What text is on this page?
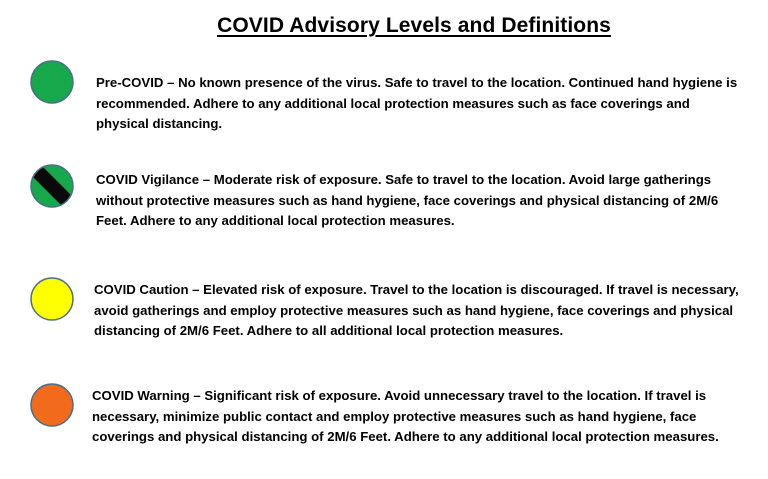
COVID Advisory Levels and Definitions

Pre-COVID – No known presence of the virus. Safe to travel to the location. Continued hand hygiene is recommended. Adhere to any additional local protection measures such as face coverings and physical distancing.

COVID Vigilance – Moderate risk of exposure. Safe to travel to the location. Avoid large gatherings without protective measures such as hand hygiene, face coverings and physical distancing of 2M/6 Feet. Adhere to any additional local protection measures.

COVID Caution – Elevated risk of exposure. Travel to the location is discouraged. If travel is necessary, avoid gatherings and employ protective measures such as hand hygiene, face coverings and physical distancing of 2M/6 Feet. Adhere to all additional local protection measures.

COVID Warning – Significant risk of exposure. Avoid unnecessary travel to the location. If travel is necessary, minimize public contact and employ protective measures such as hand hygiene, face coverings and physical distancing of 2M/6 Feet. Adhere to any additional local protection measures.
